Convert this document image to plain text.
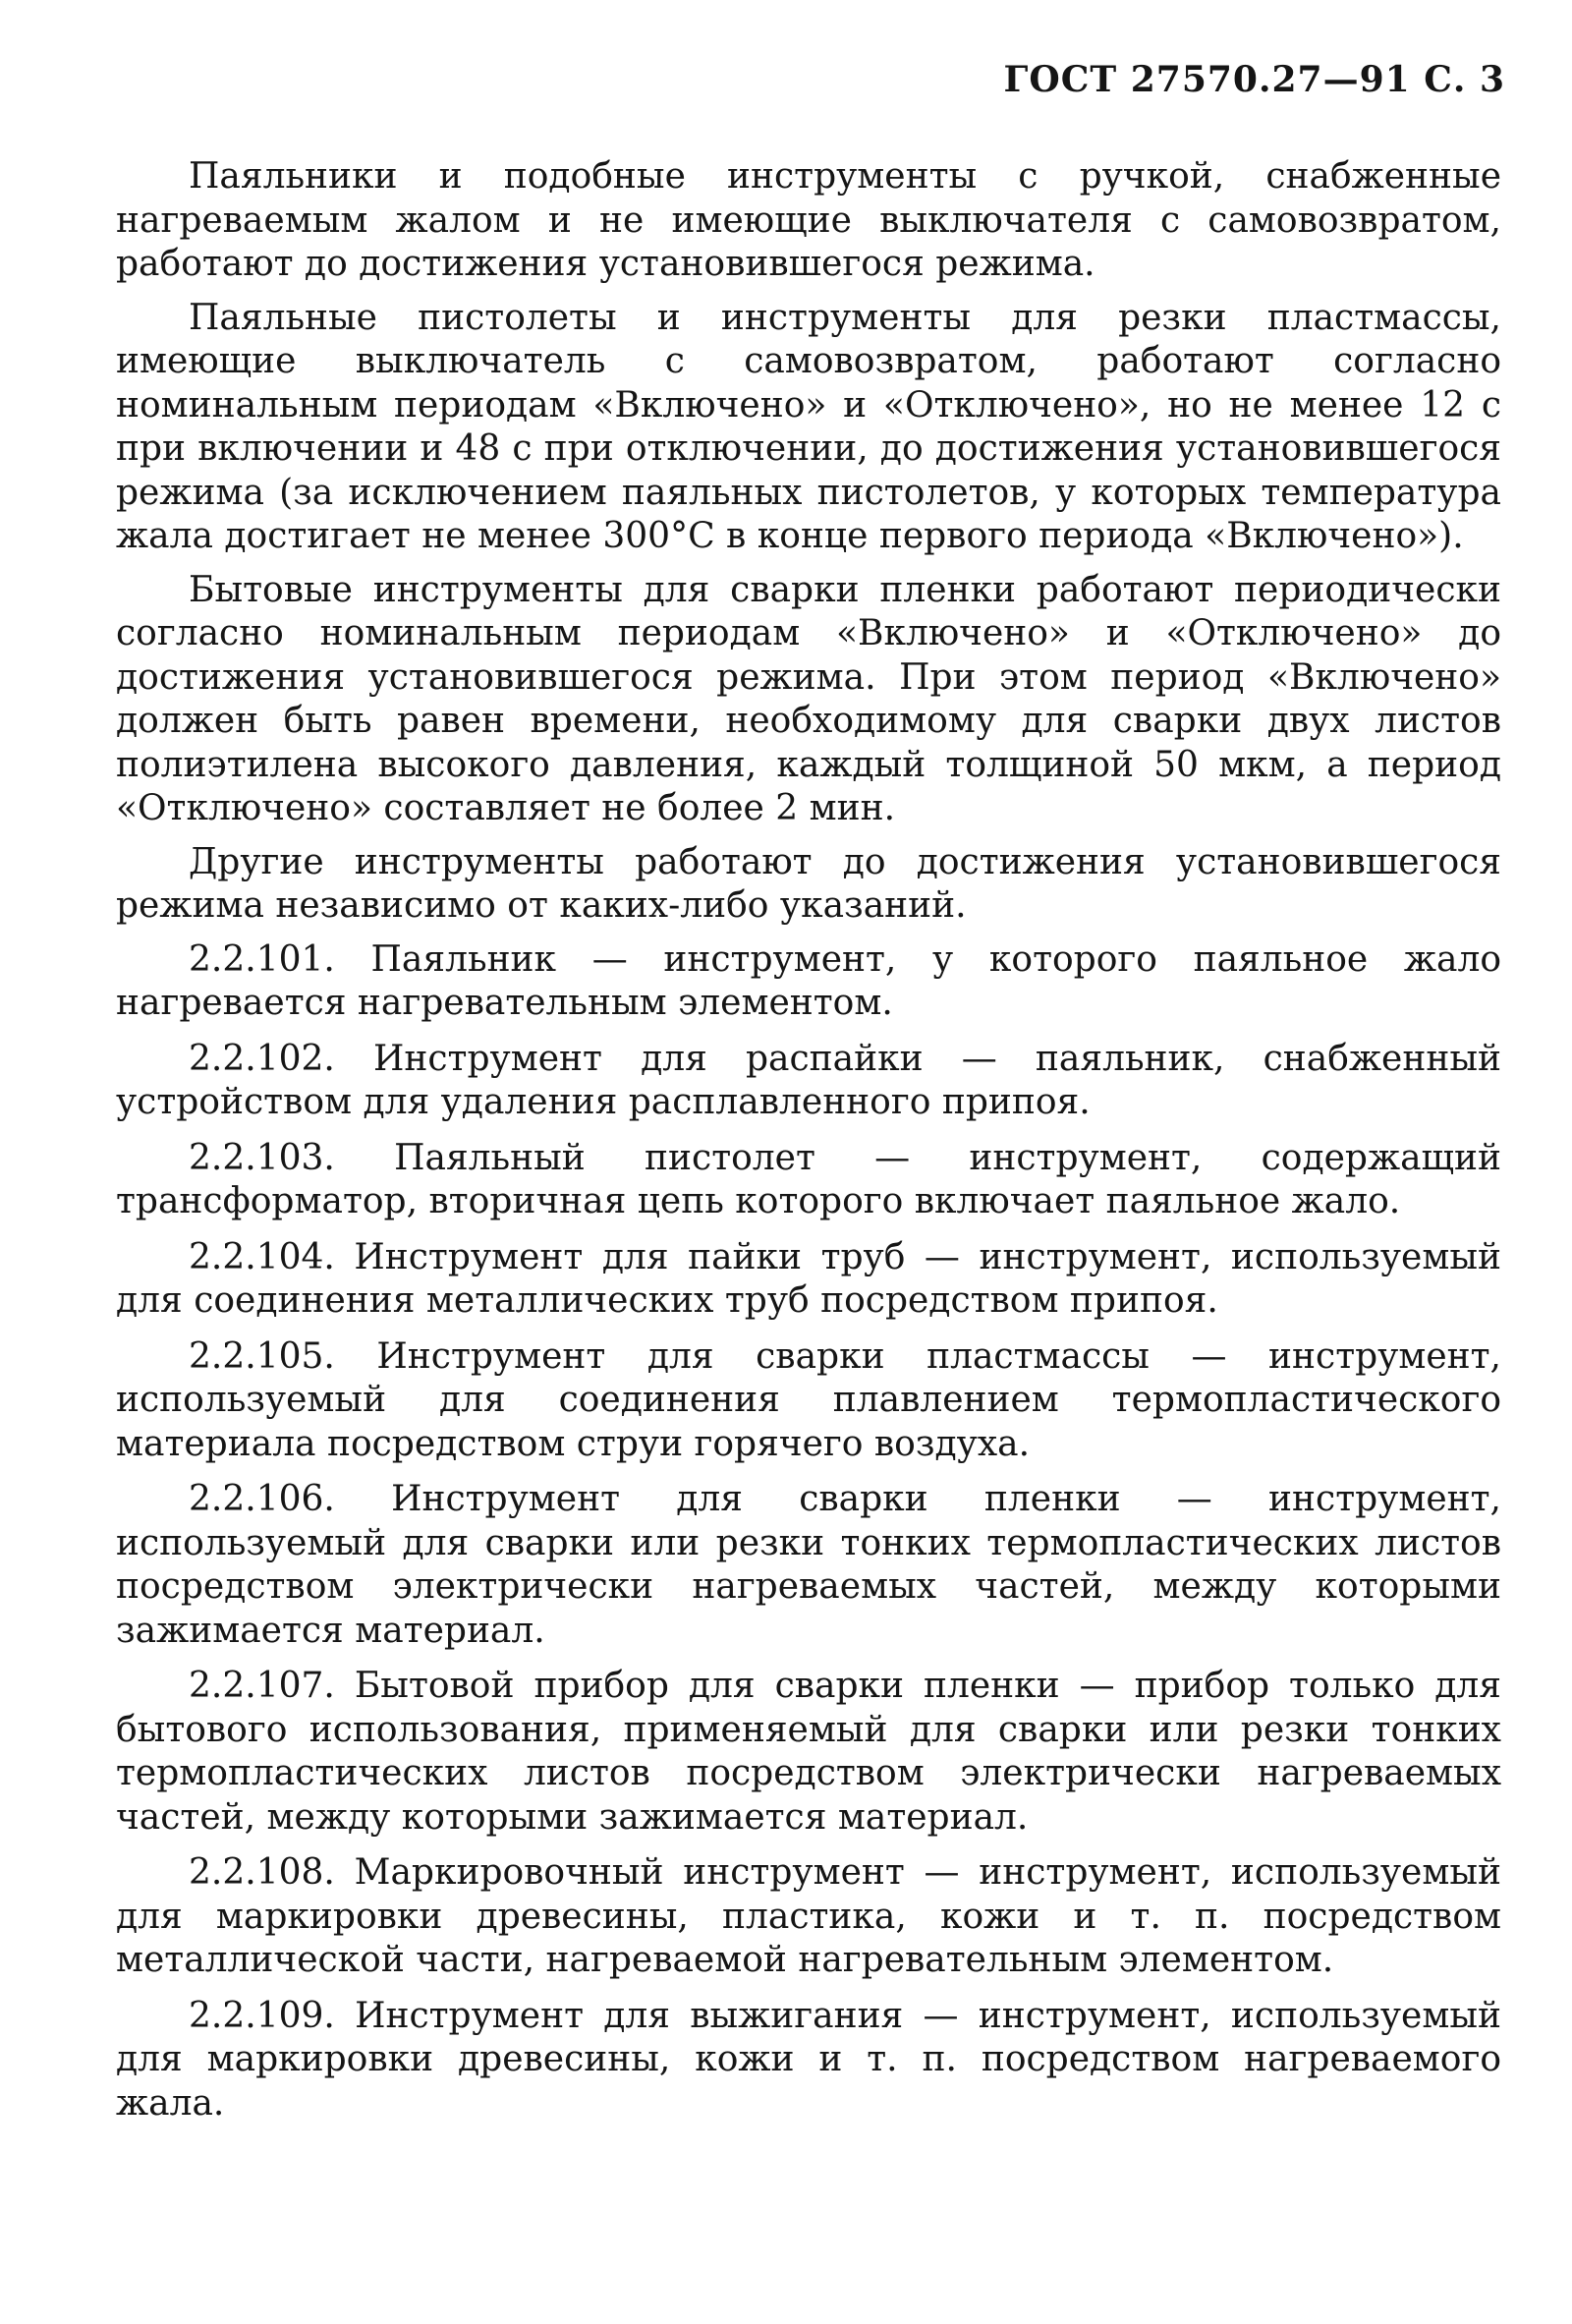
ГОСТ 27570.27—91 С. 3

Паяльники и подобные инструменты с ручкой, снабженные нагреваемым жалом и не имеющие выключателя с самовозвратом, работают до достижения установившегося режима.

Паяльные пистолеты и инструменты для резки пластмассы, имеющие выключатель с самовозвратом, работают согласно номинальным периодам «Включено» и «Отключено», но не менее 12 с при включении и 48 с при отключении, до достижения установившегося режима (за исключением паяльных пистолетов, у которых температура жала достигает не менее 300°С в конце первого периода «Включено»).

Бытовые инструменты для сварки пленки работают периодически согласно номинальным периодам «Включено» и «Отключено» до достижения установившегося режима. При этом период «Включено» должен быть равен времени, необходимому для сварки двух листов полиэтилена высокого давления, каждый толщиной 50 мкм, а период «Отключено» составляет не более 2 мин.

Другие инструменты работают до достижения установившегося режима независимо от каких-либо указаний.

2.2.101. Паяльник — инструмент, у которого паяльное жало нагревается нагревательным элементом.

2.2.102. Инструмент для распайки — паяльник, снабженный устройством для удаления расплавленного припоя.

2.2.103. Паяльный пистолет — инструмент, содержащий трансформатор, вторичная цепь которого включает паяльное жало.

2.2.104. Инструмент для пайки труб — инструмент, используемый для соединения металлических труб посредством припоя.

2.2.105. Инструмент для сварки пластмассы — инструмент, используемый для соединения плавлением термопластического материала посредством струи горячего воздуха.

2.2.106. Инструмент для сварки пленки — инструмент, используемый для сварки или резки тонких термопластических листов посредством электрически нагреваемых частей, между которыми зажимается материал.

2.2.107. Бытовой прибор для сварки пленки — прибор только для бытового использования, применяемый для сварки или резки тонких термопластических листов посредством электрически нагреваемых частей, между которыми зажимается материал.

2.2.108. Маркировочный инструмент — инструмент, используемый для маркировки древесины, пластика, кожи и т. п. посредством металлической части, нагреваемой нагревательным элементом.

2.2.109. Инструмент для выжигания — инструмент, используемый для маркировки древесины, кожи и т. п. посредством нагреваемого жала.
